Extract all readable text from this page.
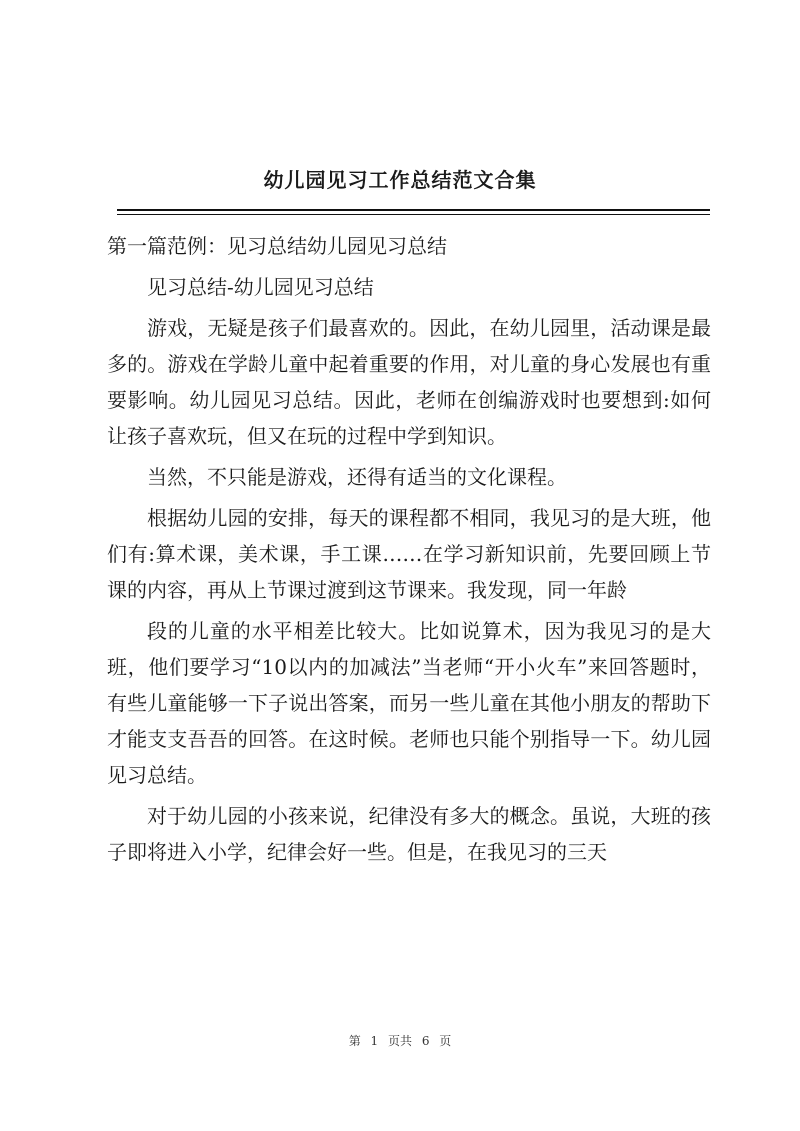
幼儿园见习工作总结范文合集

第一篇范例：见习总结幼儿园见习总结

见习总结-幼儿园见习总结

游戏，无疑是孩子们最喜欢的。因此，在幼儿园里，活动课是最多的。游戏在学龄儿童中起着重要的作用，对儿童的身心发展也有重要影响。幼儿园见习总结。因此，老师在创编游戏时也要想到:如何让孩子喜欢玩，但又在玩的过程中学到知识。

当然，不只能是游戏，还得有适当的文化课程。

根据幼儿园的安排，每天的课程都不相同，我见习的是大班，他们有:算术课，美术课，手工课……在学习新知识前，先要回顾上节课的内容，再从上节课过渡到这节课来。我发现，同一年龄

段的儿童的水平相差比较大。比如说算术，因为我见习的是大班，他们要学习“10以内的加减法”当老师“开小火车”来回答题时，有些儿童能够一下子说出答案，而另一些儿童在其他小朋友的帮助下才能支支吾吾的回答。在这时候。老师也只能个别指导一下。幼儿园见习总结。

对于幼儿园的小孩来说，纪律没有多大的概念。虽说，大班的孩子即将进入小学，纪律会好一些。但是，在我见习的三天

第 1 页共 6 页
